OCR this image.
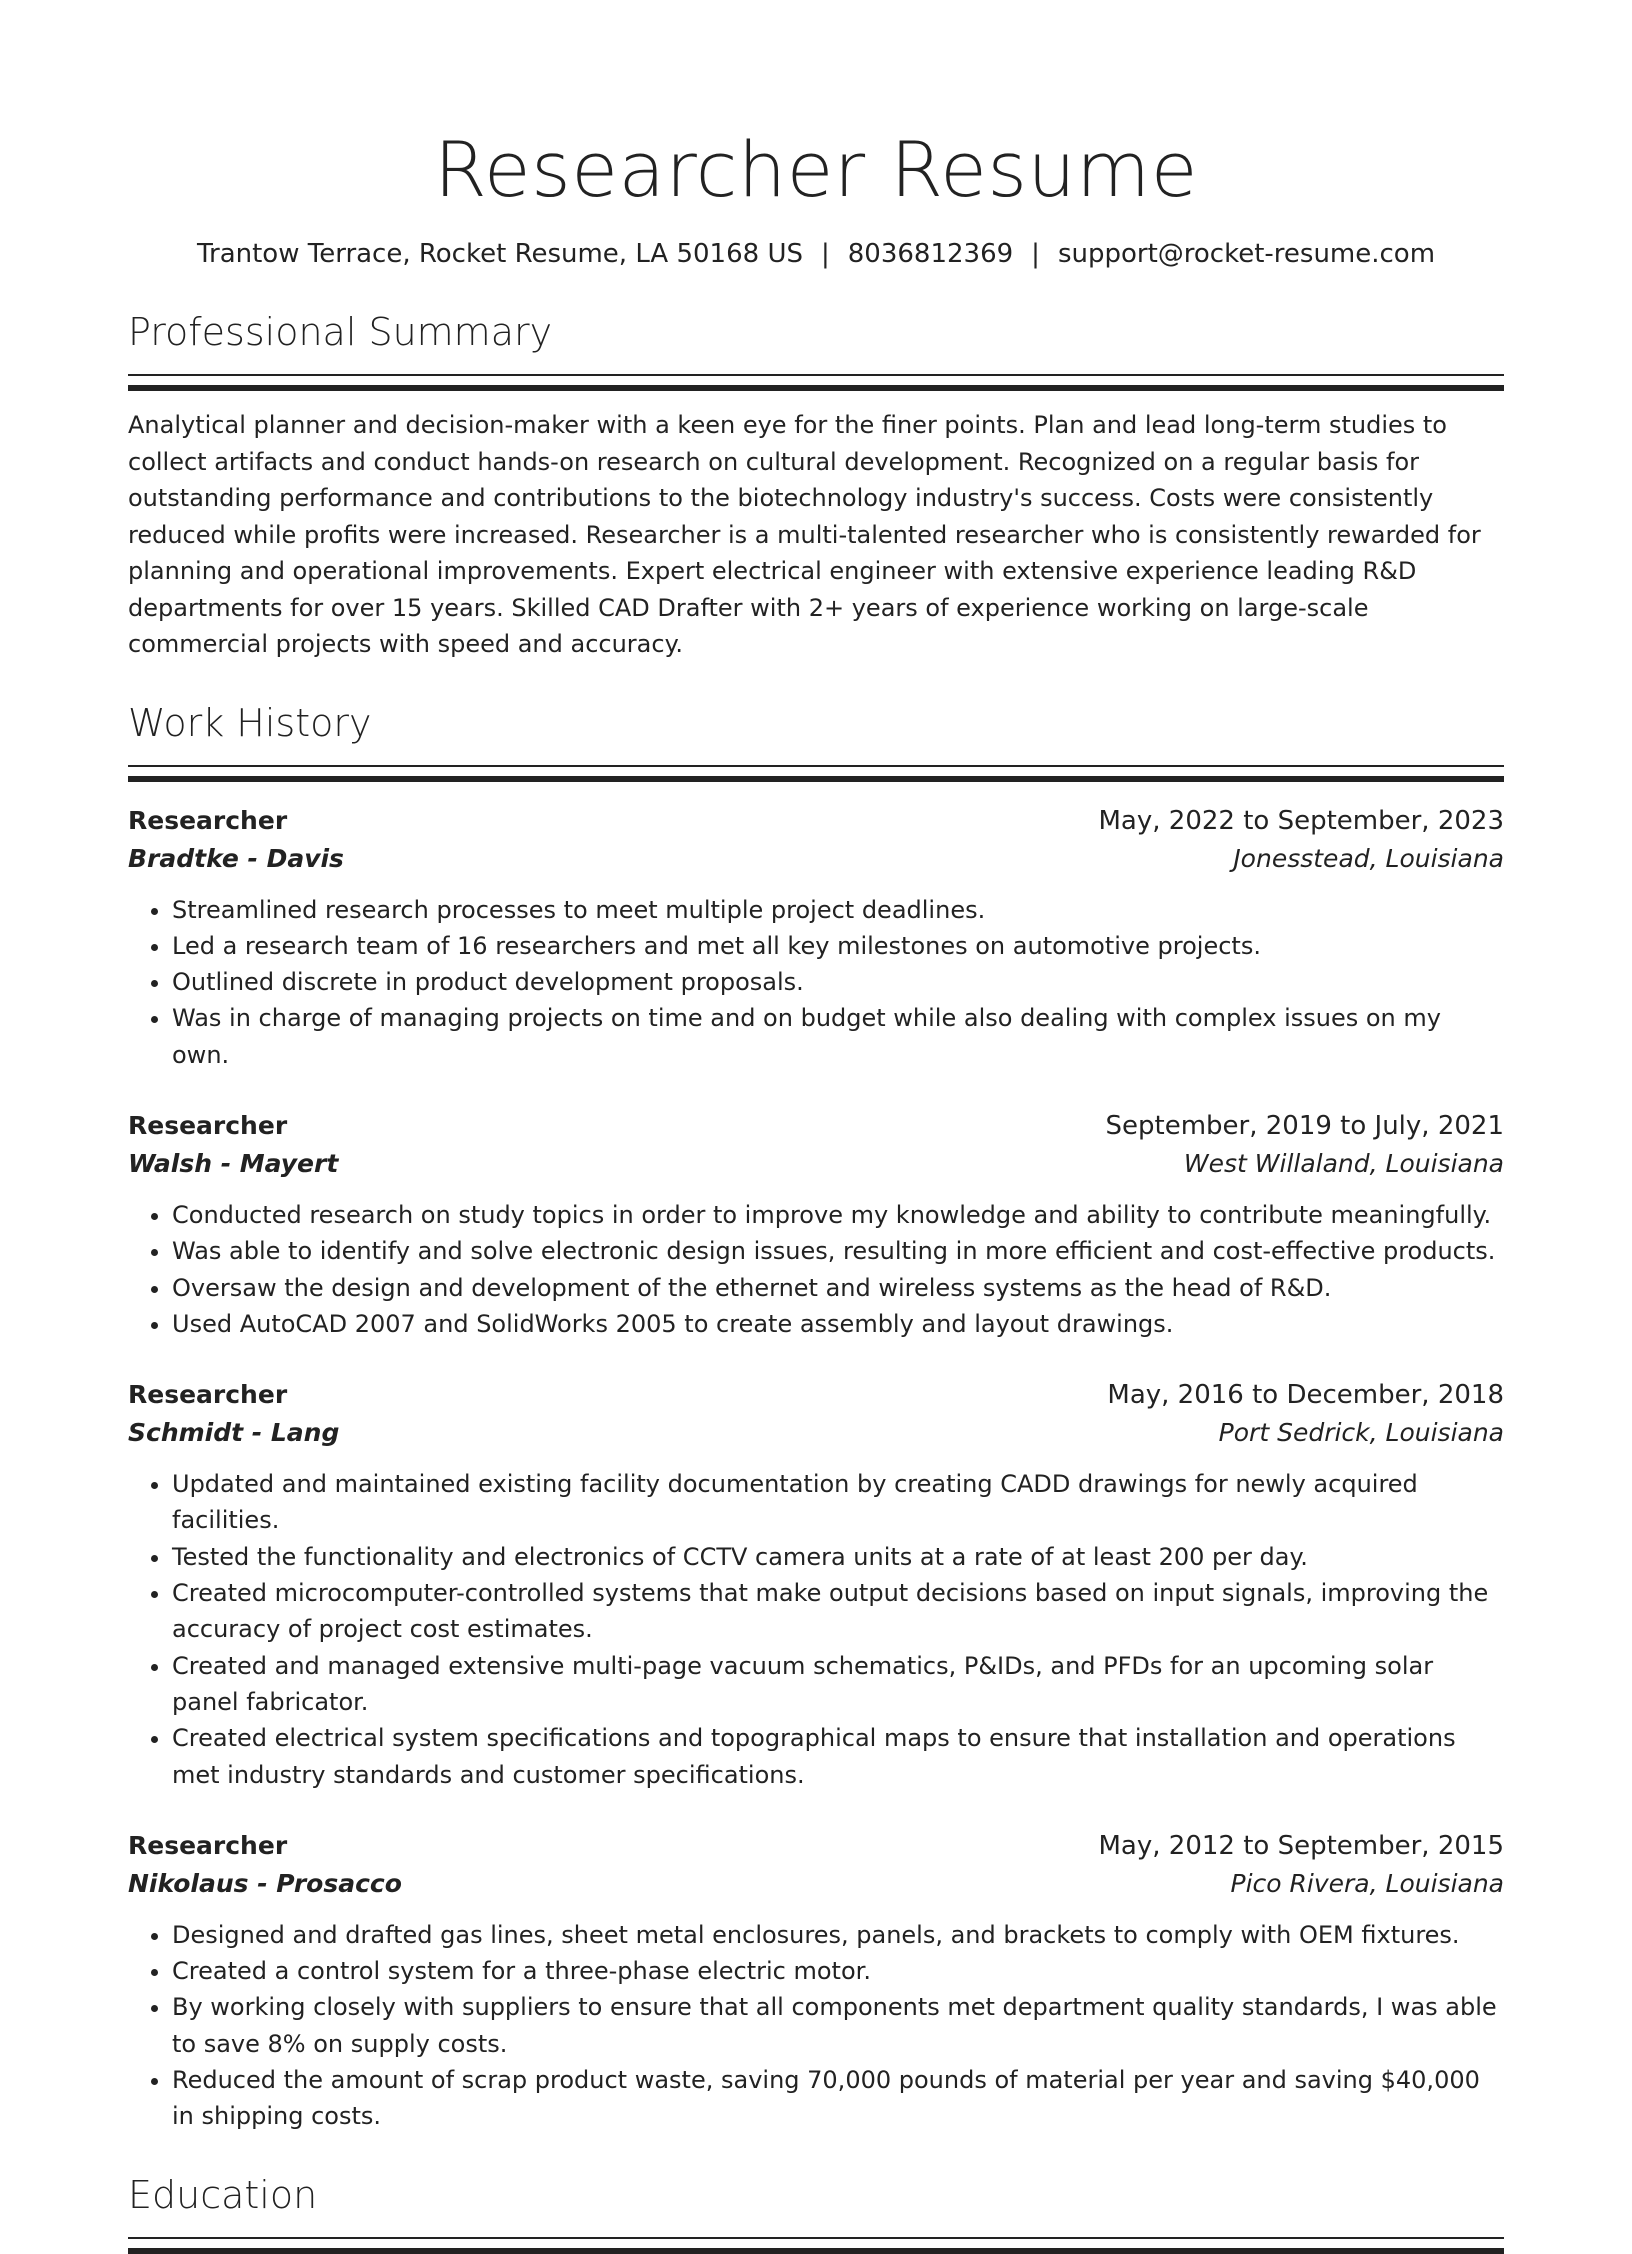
Researcher Resume
Trantow Terrace, Rocket Resume, LA 50168 US | 8036812369 | support@rocket-resume.com
Professional Summary
Analytical planner and decision-maker with a keen eye for the finer points. Plan and lead long-term studies to collect artifacts and conduct hands-on research on cultural development. Recognized on a regular basis for outstanding performance and contributions to the biotechnology industry's success. Costs were consistently reduced while profits were increased. Researcher is a multi-talented researcher who is consistently rewarded for planning and operational improvements. Expert electrical engineer with extensive experience leading R&D departments for over 15 years. Skilled CAD Drafter with 2+ years of experience working on large-scale commercial projects with speed and accuracy.
Work History
Researcher	May, 2022 to September, 2023
Bradtke - Davis	Jonesstead, Louisiana
• Streamlined research processes to meet multiple project deadlines.
• Led a research team of 16 researchers and met all key milestones on automotive projects.
• Outlined discrete in product development proposals.
• Was in charge of managing projects on time and on budget while also dealing with complex issues on my own.
Researcher	September, 2019 to July, 2021
Walsh - Mayert	West Willaland, Louisiana
• Conducted research on study topics in order to improve my knowledge and ability to contribute meaningfully.
• Was able to identify and solve electronic design issues, resulting in more efficient and cost-effective products.
• Oversaw the design and development of the ethernet and wireless systems as the head of R&D.
• Used AutoCAD 2007 and SolidWorks 2005 to create assembly and layout drawings.
Researcher	May, 2016 to December, 2018
Schmidt - Lang	Port Sedrick, Louisiana
• Updated and maintained existing facility documentation by creating CADD drawings for newly acquired facilities.
• Tested the functionality and electronics of CCTV camera units at a rate of at least 200 per day.
• Created microcomputer-controlled systems that make output decisions based on input signals, improving the accuracy of project cost estimates.
• Created and managed extensive multi-page vacuum schematics, P&IDs, and PFDs for an upcoming solar panel fabricator.
• Created electrical system specifications and topographical maps to ensure that installation and operations met industry standards and customer specifications.
Researcher	May, 2012 to September, 2015
Nikolaus - Prosacco	Pico Rivera, Louisiana
• Designed and drafted gas lines, sheet metal enclosures, panels, and brackets to comply with OEM fixtures.
• Created a control system for a three-phase electric motor.
• By working closely with suppliers to ensure that all components met department quality standards, I was able to save 8% on supply costs.
• Reduced the amount of scrap product waste, saving 70,000 pounds of material per year and saving $40,000 in shipping costs.
Education
